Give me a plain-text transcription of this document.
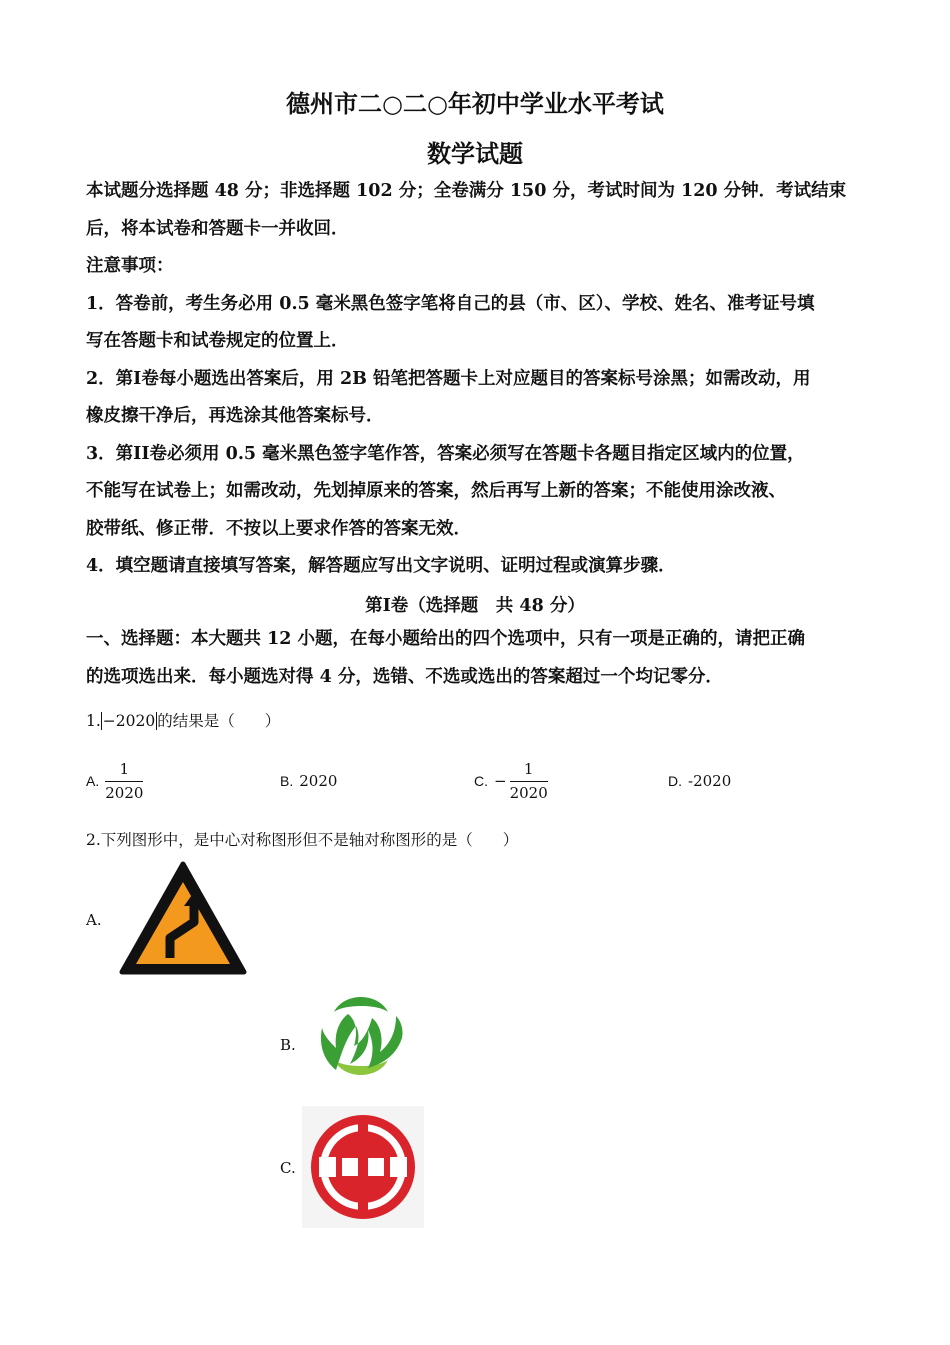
德州市二○二○年初中学业水平考试
数学试题

本试题分选择题 48 分；非选择题 102 分；全卷满分 150 分，考试时间为 120 分钟．考试结束

后，将本试卷和答题卡一并收回．

注意事项：

1．答卷前，考生务必用 0.5 毫米黑色签字笔将自己的县（市、区）、学校、姓名、准考证号填

写在答题卡和试卷规定的位置上．

2．第I卷每小题选出答案后，用 2B 铅笔把答题卡上对应题目的答案标号涂黑；如需改动，用

橡皮擦干净后，再选涂其他答案标号．

3．第II卷必须用 0.5 毫米黑色签字笔作答，答案必须写在答题卡各题目指定区域内的位置，

不能写在试卷上；如需改动，先划掉原来的答案，然后再写上新的答案；不能使用涂改液、

胶带纸、修正带．不按以上要求作答的答案无效．

4．填空题请直接填写答案，解答题应写出文字说明、证明过程或演算步骤．

第I卷（选择题　共 48 分）

一、选择题：本大题共 12 小题，在每小题给出的四个选项中，只有一项是正确的，请把正确

的选项选出来．每小题选对得 4 分，选错、不选或选出的答案超过一个均记零分．

1. −2020 的结果是（ ）
A. $\frac{1}{2020}$	B. 2020	C. − $\frac{1}{2020}$	D. -2020
2.下列图形中，是中心对称图形但不是轴对称图形的是（ ）
A.
B.
C.
